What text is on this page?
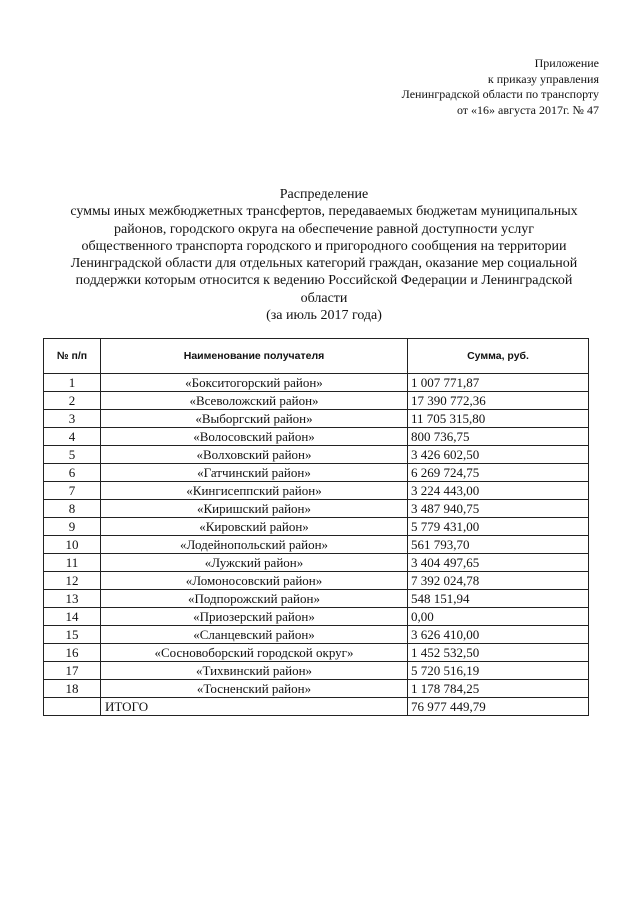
Приложение
к приказу управления
Ленинградской области по транспорту
от «16» августа 2017г. № 47
Распределение
суммы иных межбюджетных трансфертов, передаваемых бюджетам муниципальных
районов, городского округа на обеспечение равной доступности услуг
общественного транспорта городского и пригородного сообщения на территории
Ленинградской области для отдельных категорий граждан, оказание мер социальной
поддержки которым относится к ведению Российской Федерации и Ленинградской
области
(за июль 2017 года)
№ п/п	Наименование получателя	Сумма, руб.
1	«Бокситогорский район»	1 007 771,87
2	«Всеволожский район»	17 390 772,36
3	«Выборгский район»	11 705 315,80
4	«Волосовский район»	800 736,75
5	«Волховский район»	3 426 602,50
6	«Гатчинский район»	6 269 724,75
7	«Кингисеппский район»	3 224 443,00
8	«Киришский район»	3 487 940,75
9	«Кировский район»	5 779 431,00
10	«Лодейнопольский район»	561 793,70
11	«Лужский район»	3 404 497,65
12	«Ломоносовский район»	7 392 024,78
13	«Подпорожский район»	548 151,94
14	«Приозерский район»	0,00
15	«Сланцевский район»	3 626 410,00
16	«Сосновоборский городской округ»	1 452 532,50
17	«Тихвинский район»	5 720 516,19
18	«Тосненский район»	1 178 784,25
	ИТОГО	76 977 449,79
